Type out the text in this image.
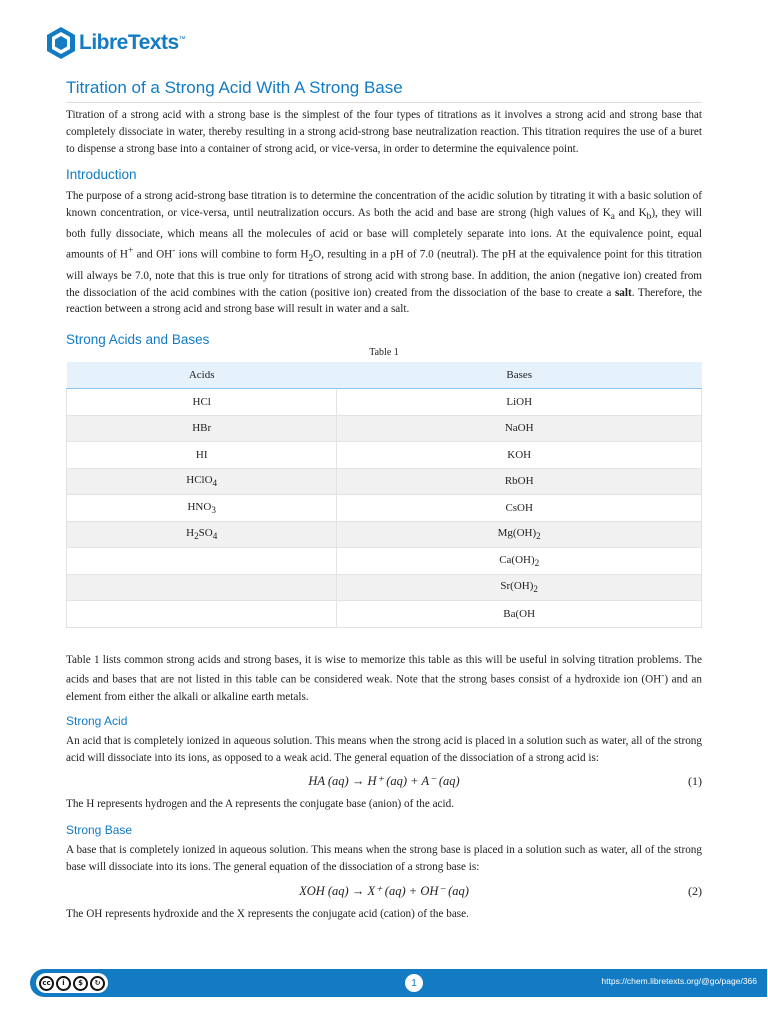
LibreTexts™
Titration of a Strong Acid With A Strong Base

Titration of a strong acid with a strong base is the simplest of the four types of titrations as it involves a strong acid and strong base that completely dissociate in water, thereby resulting in a strong acid-strong base neutralization reaction. This titration requires the use of a buret to dispense a strong base into a container of strong acid, or vice-versa, in order to determine the equivalence point.

Introduction

The purpose of a strong acid-strong base titration is to determine the concentration of the acidic solution by titrating it with a basic solution of known concentration, or vice-versa, until neutralization occurs. As both the acid and base are strong (high values of $K_a$ and $K_b$), they will both fully dissociate, which means all the molecules of acid or base will completely separate into ions. At the equivalence point, equal amounts of H+ and OH- ions will combine to form $H_2O$, resulting in a pH of 7.0 (neutral). The pH at the equivalence point for this titration will always be 7.0, note that this is true only for titrations of strong acid with strong base. In addition, the anion (negative ion) created from the dissociation of the acid combines with the cation (positive ion) created from the dissociation of the base to create a salt. Therefore, the reaction between a strong acid and strong base will result in water and a salt.

Strong Acids and Bases
Table 1
Acids	Bases
HCl	LiOH
HBr	NaOH
HI	KOH
HClO$_4$	RbOH
$HNO_3$	CsOH
$H_2SO_4$	$Mg(OH)_2$
	$Ca(OH)_2$
	$Sr(OH)_2$
	Ba(OH

Table 1 lists common strong acids and strong bases, it is wise to memorize this table as this will be useful in solving titration problems. The acids and bases that are not listed in this table can be considered weak. Note that the strong bases consist of a hydroxide ion (OH-) and an element from either the alkali or alkaline earth metals.

Strong Acid

An acid that is completely ionized in aqueous solution. This means when the strong acid is placed in a solution such as water, all of the strong acid will dissociate into its ions, as opposed to a weak acid. The general equation of the dissociation of a strong acid is:

HA (aq) → H⁺ (aq) + A⁻ (aq)	(1)

The H represents hydrogen and the A represents the conjugate base (anion) of the acid.

Strong Base

A base that is completely ionized in aqueous solution. This means when the strong base is placed in a solution such as water, all of the strong base will dissociate into its ions. The general equation of the dissociation of a strong base is:

XOH (aq) → X⁺ (aq) + OH⁻ (aq)	(2)

The OH represents hydroxide and the X represents the conjugate acid (cation) of the base.

cc	i	$	↻	1	https://chem.libretexts.org/@go/page/366
